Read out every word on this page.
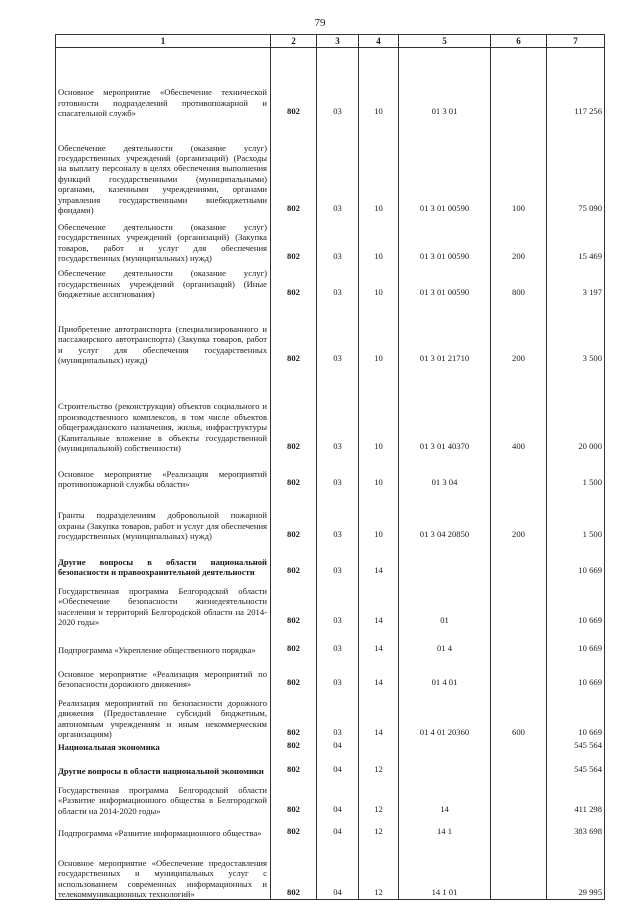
79
1	2	3	4	5	6	7
Основное мероприятие «Обеспечение технической готовности подразделений противопожарной и спасательной служб»	802	03	10	01 3 01		117 256
Обеспечение деятельности (оказание услуг) государственных учреждений (организаций) (Расходы на выплату персоналу в целях обеспечения выполнения функций государственными (муниципальными) органами, казенными учреждениями, органами управления государственными внебюджетными фондами)	802	03	10	01 3 01 00590	100	75 090
Обеспечение деятельности (оказание услуг) государственных учреждений (организаций) (Закупка товаров, работ и услуг для обеспечения государственных (муниципальных) нужд)	802	03	10	01 3 01 00590	200	15 469
Обеспечение деятельности (оказание услуг) государственных учреждений (организаций) (Иные бюджетные ассигнования)	802	03	10	01 3 01 00590	800	3 197
Приобретение автотранспорта (специализированного и пассажирского автотранспорта) (Закупка товаров, работ и услуг для обеспечения государственных (муниципальных) нужд)	802	03	10	01 3 01 21710	200	3 500
Строительство (реконструкция) объектов социального и производственного комплексов, в том числе объектов общегражданского назначения, жилья, инфраструктуры (Капитальные вложение в объекты государственной (муниципальной) собственности)	802	03	10	01 3 01 40370	400	20 000
Основное мероприятие «Реализация мероприятий противопожарной службы области»	802	03	10	01 3 04		1 500
Гранты подразделениям добровольной пожарной охраны (Закупка товаров, работ и услуг для обеспечения государственных (муниципальных) нужд)	802	03	10	01 3 04 20850	200	1 500
Другие вопросы в области национальной безопасности и правоохранительной деятельности	802	03	14			10 669
Государственная программа Белгородской области «Обеспечение безопасности жизнедеятельности населения и территорий Белгородской области на 2014-2020 годы»	802	03	14	01		10 669
Подпрограмма «Укрепление общественного порядка»	802	03	14	01 4		10 669
Основное мероприятие «Реализация мероприятий по безопасности дорожного движения»	802	03	14	01 4 01		10 669
Реализация мероприятий по безопасности дорожного движения (Предоставление субсидий бюджетным, автономным учреждениям и иным некоммерческим организациям)	802	03	14	01 4 01 20360	600	10 669
Национальная экономика	802	04				545 564
Другие вопросы в области национальной экономики	802	04	12			545 564
Государственная программа Белгородской области «Развитие информационного общества в Белгородской области на 2014-2020 годы»	802	04	12	14		411 298
Подпрограмма «Развитие информационного общества»	802	04	12	14 1		383 698
Основное мероприятие «Обеспечение предоставления государственных и муниципальных услуг с использованием современных информационных и телекоммуникационных технологий»	802	04	12	14 1 01		29 995
